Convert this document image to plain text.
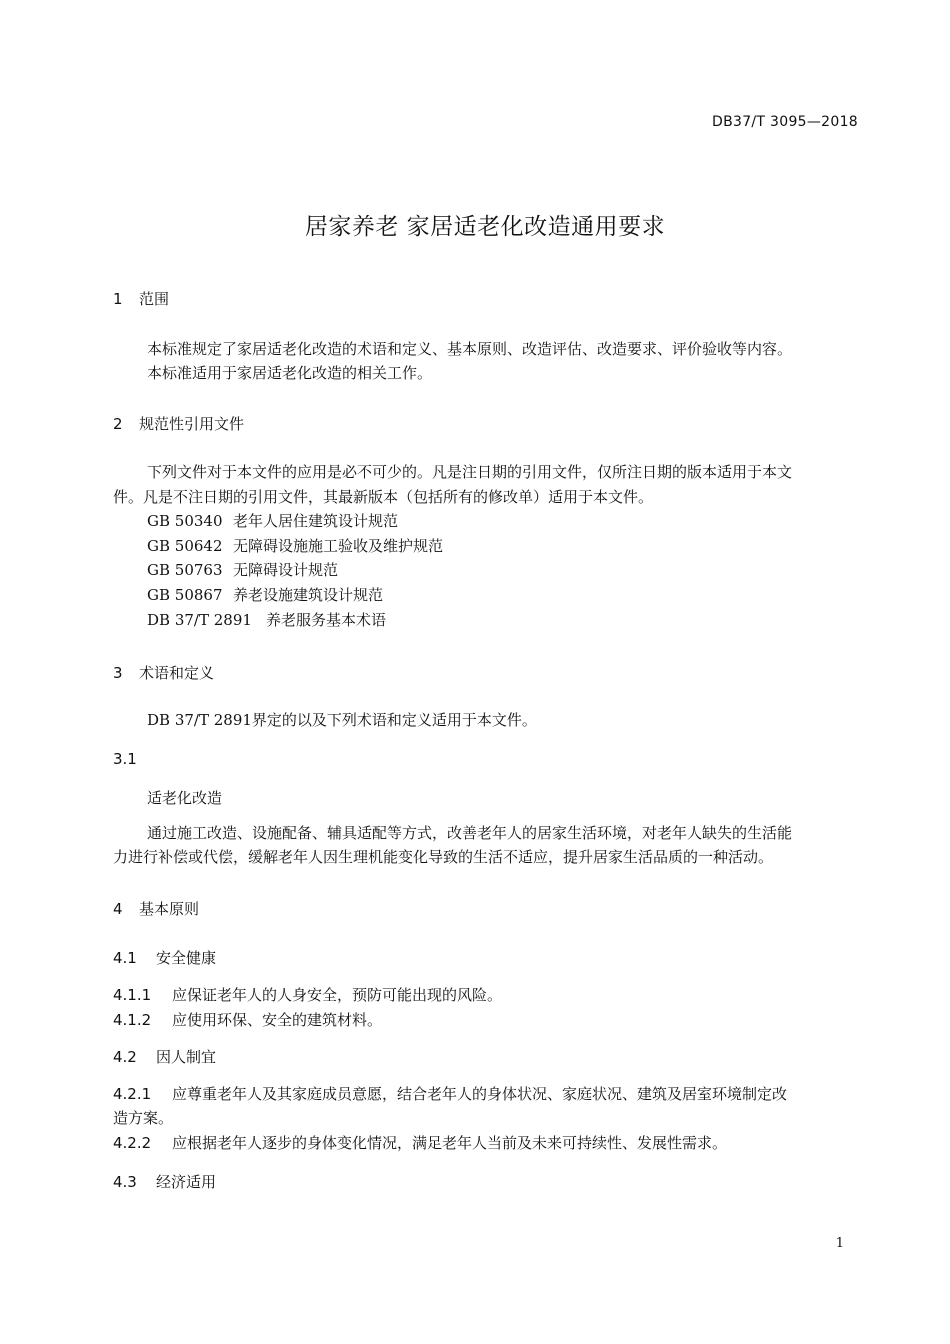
DB37/T 3095—2018
居家养老 家居适老化改造通用要求
1 范围
本标准规定了家居适老化改造的术语和定义、基本原则、改造评估、改造要求、评价验收等内容。
本标准适用于家居适老化改造的相关工作。
2 规范性引用文件
下列文件对于本文件的应用是必不可少的。凡是注日期的引用文件，仅所注日期的版本适用于本文
件。凡是不注日期的引用文件，其最新版本（包括所有的修改单）适用于本文件。
GB 50340 老年人居住建筑设计规范
GB 50642 无障碍设施施工验收及维护规范
GB 50763 无障碍设计规范
GB 50867 养老设施建筑设计规范
DB 37/T 2891 养老服务基本术语
3 术语和定义
DB 37/T 2891界定的以及下列术语和定义适用于本文件。
3.1
适老化改造
通过施工改造、设施配备、辅具适配等方式，改善老年人的居家生活环境，对老年人缺失的生活能
力进行补偿或代偿，缓解老年人因生理机能变化导致的生活不适应，提升居家生活品质的一种活动。
4 基本原则
4.1 安全健康
4.1.1 应保证老年人的人身安全，预防可能出现的风险。
4.1.2 应使用环保、安全的建筑材料。
4.2 因人制宜
4.2.1 应尊重老年人及其家庭成员意愿，结合老年人的身体状况、家庭状况、建筑及居室环境制定改
造方案。
4.2.2 应根据老年人逐步的身体变化情况，满足老年人当前及未来可持续性、发展性需求。
4.3 经济适用
1
